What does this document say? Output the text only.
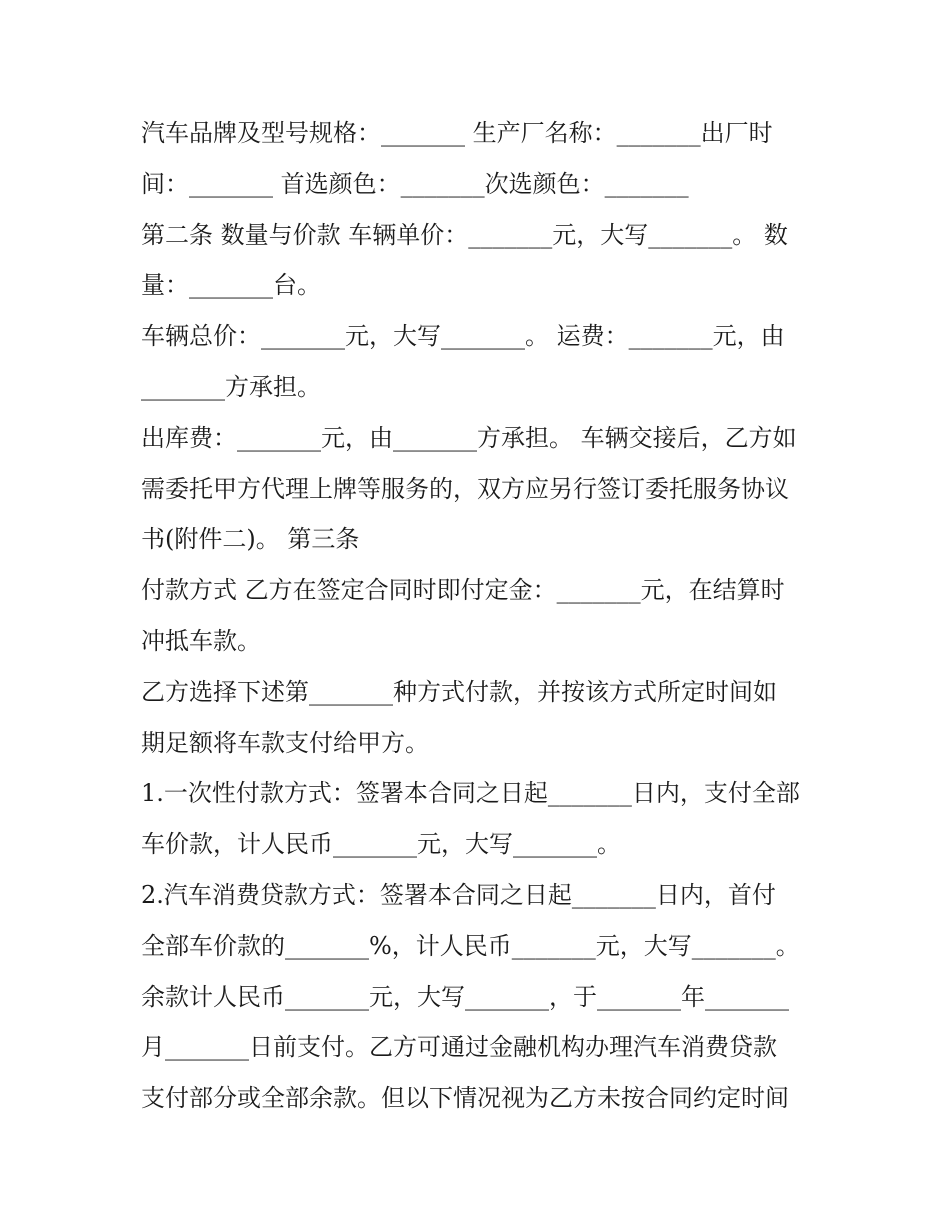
汽车品牌及型号规格：_______ 生产厂名称：_______出厂时
间：_______ 首选颜色：_______次选颜色：_______
第二条 数量与价款 车辆单价：_______元，大写_______。 数
量：_______台。
车辆总价：_______元，大写_______。 运费：_______元，由
_______方承担。
出库费：_______元，由_______方承担。 车辆交接后，乙方如
需委托甲方代理上牌等服务的，双方应另行签订委托服务协议
书(附件二)。 第三条
付款方式 乙方在签定合同时即付定金：_______元，在结算时
冲抵车款。
乙方选择下述第_______种方式付款，并按该方式所定时间如
期足额将车款支付给甲方。
1.一次性付款方式：签署本合同之日起_______日内，支付全部
车价款，计人民币_______元，大写_______。
2.汽车消费贷款方式：签署本合同之日起_______日内，首付
全部车价款的_______%，计人民币_______元，大写_______。
余款计人民币_______元，大写_______，于_______年_______
月_______日前支付。乙方可通过金融机构办理汽车消费贷款
支付部分或全部余款。但以下情况视为乙方未按合同约定时间
